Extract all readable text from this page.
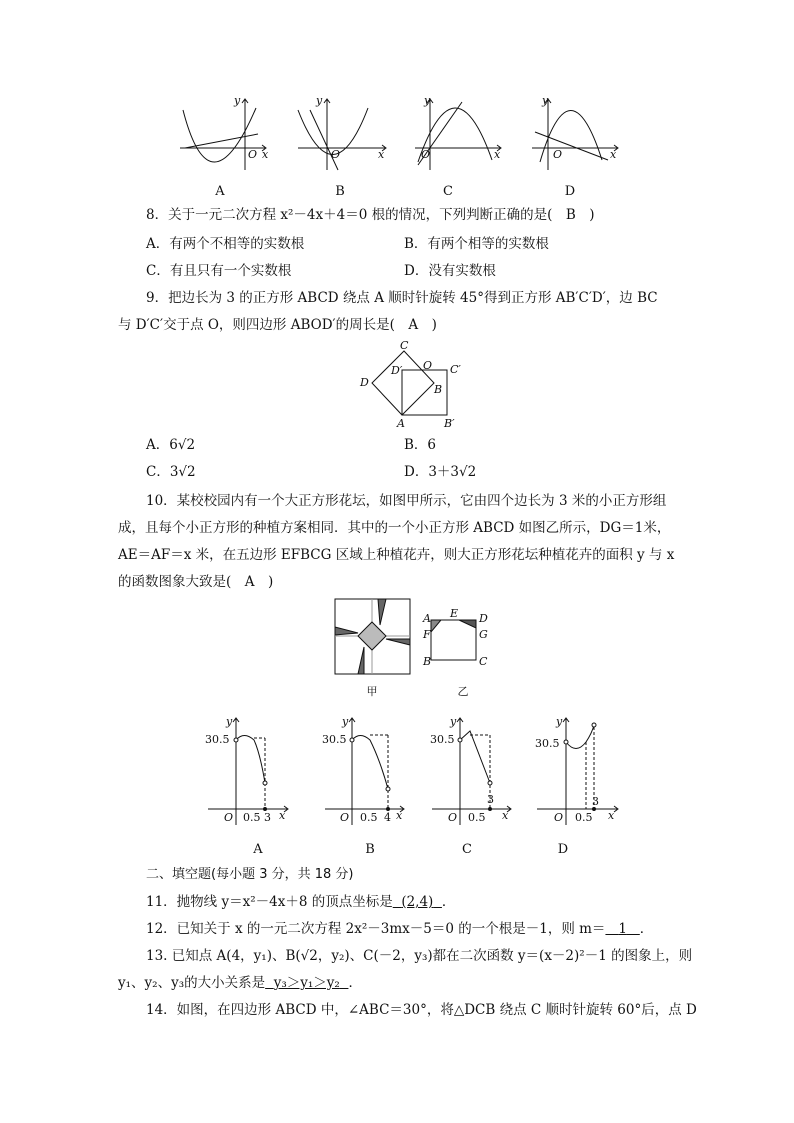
y
x
O
y
x
O
y
x
O
y
x
O
A	B	C	D
8．关于一元二次方程 x²－4x＋4＝0 根的情况，下列判断正确的是(　B　)
A．有两个不相等的实数根	B．有两个相等的实数根
C．有且只有一个实数根	D．没有实数根
9．把边长为 3 的正方形 ABCD 绕点 A 顺时针旋转 45°得到正方形 AB′C′D′，边 BC
与 D′C′交于点 O，则四边形 ABOD′的周长是(　A　)
C
O C′
D′
D
B
A	B′
A．6√2	B．6
C．3√2	D．3＋3√2
10．某校校园内有一个大正方形花坛，如图甲所示，它由四个边长为 3 米的小正方形组
成，且每个小正方形的种植方案相同．其中的一个小正方形 ABCD 如图乙所示，DG＝1米，
AE＝AF＝x 米，在五边形 EFBCG 区域上种植花卉，则大正方形花坛种植花卉的面积 y 与 x
的函数图象大致是(　A　)
A E D
F	G
B	C
甲	乙
y
30.5
O 0.5 3 x
y
30.5
O 0.5 4 x
y
30.5
O 0.5
3
x
y
30.5
O 0.5
3
x
A	B	C	D
二、填空题(每小题 3 分，共 18 分)
11．抛物线 y＝x²－4x＋8 的顶点坐标是 (2,4) ．
12．已知关于 x 的一元二次方程 2x²－3mx－5＝0 的一个根是－1，则 m＝ 1 ．
13. 已知点 A(4，y₁)、B(√2，y₂)、C(－2，y₃)都在二次函数 y＝(x－2)²－1 的图象上，则
y₁、y₂、y₃的大小关系是 y₃＞y₁＞y₂ ．
14．如图，在四边形 ABCD 中，∠ABC＝30°，将△DCB 绕点 C 顺时针旋转 60°后，点 D
